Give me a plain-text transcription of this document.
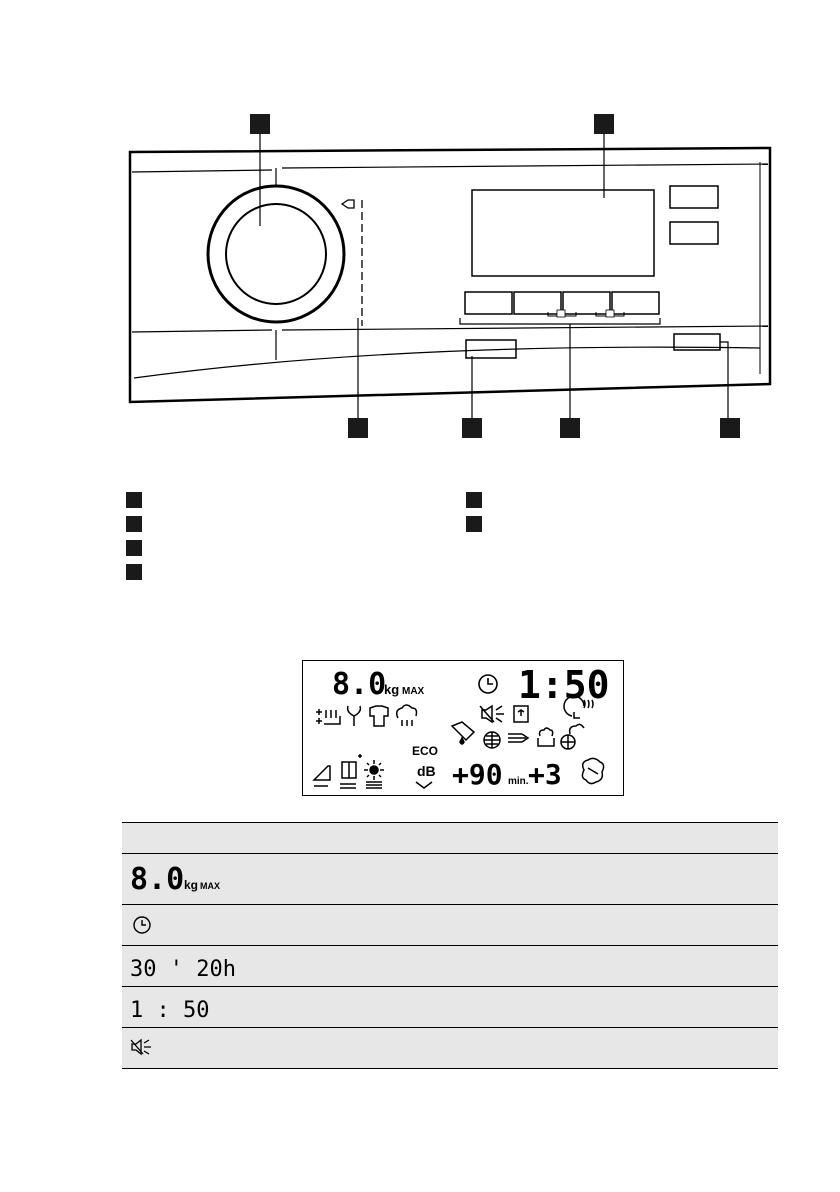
8.0
kg MAX 1:50
ECO
dB +90 min. +3
8.0 kg MAX
30 ' 20h
1 : 50
